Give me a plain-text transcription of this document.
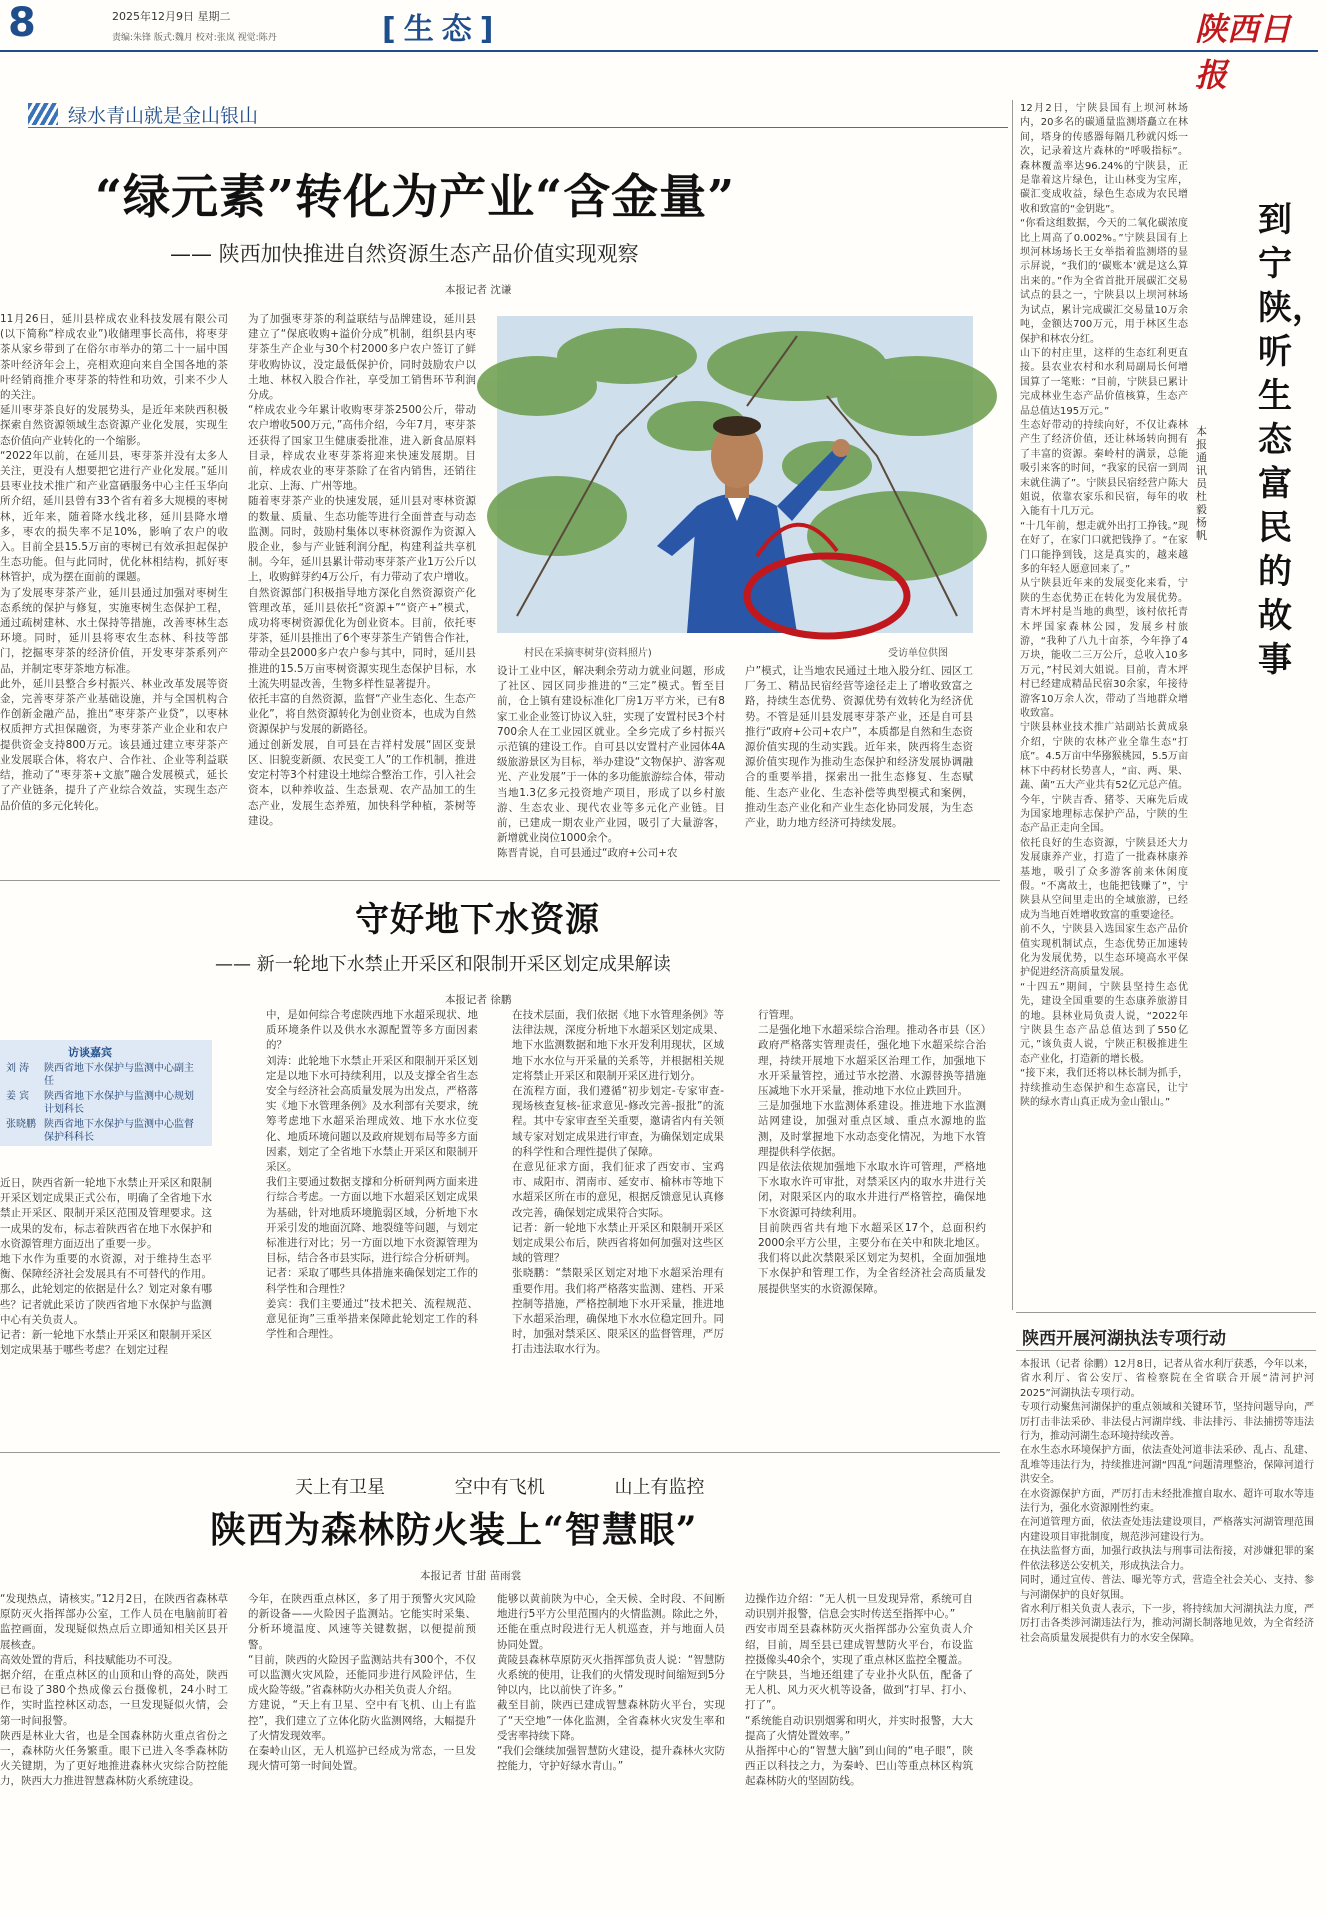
8	2025年12月9日 星期二
责编:朱锋 版式:魏月 校对:张岚 视觉:陈丹	[生态]	陕西日报
绿水青山就是金山银山
“绿元素”转化为产业“含金量”
—— 陕西加快推进自然资源生态产品价值实现观察
本报记者 沈谦
11月26日，延川县梓成农业科技发展有限公司(以下简称“梓成农业”)收储理事长高伟，将枣芽茶从家乡带到了在俗尔市举办的第二十一届中国茶叶经济年会上，亮相欢迎向来自全国各地的茶叶经销商推介枣芽茶的特性和功效，引来不少人的关注。
延川枣芽茶良好的发展势头，是近年来陕西积极探索自然资源领域生态资源产业化发展，实现生态价值向产业转化的一个缩影。
“2022年以前，在延川县，枣芽茶并没有太多人关注，更没有人想要把它进行产业化发展。”延川县枣业技术推广和产业富硒服务中心主任玉华向所介绍，延川县曾有33个省有着多大规模的枣树林，近年来，随着降水线北移，延川县降水增多，枣农的损失率不足10%，影响了农户的收入。目前全县15.5万亩的枣树已有效承担起保护生态功能。但与此同时，优化林相结构，抓好枣林管护，成为摆在面前的课题。
为了发展枣芽茶产业，延川县通过加强对枣树生态系统的保护与修复，实施枣树生态保护工程，通过疏树建林、水土保持等措施，改善枣林生态环境。同时，延川县将枣农生态林、科技等部门，挖掘枣芽茶的经济价值，开发枣芽茶系列产品，并制定枣芽茶地方标准。
此外，延川县整合乡村振兴、林业改革发展等资金，完善枣芽茶产业基础设施，并与全国机构合作创新金融产品，推出“枣芽茶产业贷”，以枣林权质押方式担保融资，为枣芽茶产业企业和农户提供资金支持800万元。该县通过建立枣芽茶产业发展联合体，将农户、合作社、企业等利益联结，推动了“枣芽茶+文旅”融合发展模式，延长了产业链条，提升了产业综合效益，实现生态产品价值的多元化转化。
为了加强枣芽茶的利益联结与品牌建设，延川县建立了“保底收购+溢价分成”机制，组织县内枣芽茶生产企业与30个村2000多户农户签订了鲜芽收购协议，没定最低保护价，同时鼓励农户以土地、林权入股合作社，享受加工销售环节利润分成。
“梓成农业今年累计收购枣芽茶2500公斤，带动农户增收500万元，”高伟介绍，今年7月，枣芽茶还获得了国家卫生健康委批准，进入新食品原料目录，梓成农业枣芽茶将迎来快速发展期。目前，梓成农业的枣芽茶除了在省内销售，还销往北京、上海、广州等地。
随着枣芽茶产业的快速发展，延川县对枣林资源的数量、质量、生态功能等进行全面普查与动态监测。同时，鼓励村集体以枣林资源作为资源入股企业，参与产业链利润分配，构建利益共享机制。今年，延川县累计带动枣芽茶产业1万公斤以上，收购鲜芽约4万公斤，有力带动了农户增收。
自然资源部门积极指导地方深化自然资源资产化管理改革，延川县依托“资源+”“资产+”模式，成功将枣树资源优化为创业资本。目前，依托枣芽茶，延川县推出了6个枣芽茶生产销售合作社，带动全县2000多户农户参与其中，同时，延川县推进的15.5万亩枣树资源实现生态保护目标，水土流失明显改善，生物多样性显著提升。
依托丰富的自然资源，监督“产业生态化、生态产业化”，将自然资源转化为创业资本，也成为自然资源保护与发展的新路径。
通过创新发展，自可县在吉祥村发展“固区变景区、旧貌变新颜、农民变工人”的工作机制，推进安定村等3个村建设土地综合整治工作，引入社会资本，以种养收益、生态景观、农产品加工的生态产业，发展生态养殖，加快科学种植，茶树等建设。
村民在采摘枣树芽(资料照片)	受访单位供图
设计工业中区，解决剩余劳动力就业问题，形成了社区、园区同步推进的“三定”模式。暂至目前，仓上镇有建设标准化厂房1万平方米，已有8家工业企业签订协议入驻，实现了安置村民3个村700余人在工业园区就业。全乡完成了乡村振兴示范镇的建设工作。自可县以安置村产业园体4A级旅游景区为目标，举办建设“文物保护、游客观光、产业发展”于一体的多功能旅游综合体，带动当地1.3亿多元投资地产项目，形成了以乡村旅游、生态农业、现代农业等多元化产业链。目前，已建成一期农业产业园，吸引了大量游客，新增就业岗位1000余个。
陈晋青说，自可县通过“政府+公司+农
户”模式，让当地农民通过土地入股分红、园区工厂务工、精品民宿经营等途径走上了增收致富之路，持续生态优势、资源优势有效转化为经济优势。不管是延川县发展枣芽茶产业，还是自可县推行“政府+公司+农户”，本质都是自然和生态资源价值实现的生动实践。近年来，陕西将生态资源价值实现作为推动生态保护和经济发展协调融合的重要举措，探索出一批生态修复、生态赋能、生态产业化、生态补偿等典型模式和案例，推动生态产业化和产业生态化协同发展，为生态产业，助力地方经济可持续发展。
到宁陕，听生态富民的故事
本报通讯员 杜毅 杨帆
12月2日，宁陕县国有上坝河林场内，20多名的碳通量监测塔矗立在林间，塔身的传感器每隔几秒就闪烁一次，记录着这片森林的“呼吸指标”。森林覆盖率达96.24%的宁陕县，正是靠着这片绿色，让山林变为宝库，碳汇变成收益，绿色生态成为农民增收和致富的“金钥匙”。
“你看这组数据，今天的二氧化碳浓度比上周高了0.002%。”宁陕县国有上坝河林场场长王女举指着监测塔的显示屏说，“我们的‘碳账本’就是这么算出来的。”作为全省首批开展碳汇交易试点的县之一，宁陕县以上坝河林场为试点，累计完成碳汇交易量10万余吨，金额达700万元，用于林区生态保护和林农分红。
山下的村庄里，这样的生态红利更直接。县农业农村和水利局副局长何增国算了一笔账：“目前，宁陕县已累计完成林业生态产品价值核算，生态产品总值达195万元。”
生态好带动的持续向好，不仅让森林产生了经济价值，还让林场转向拥有了丰富的资源。秦岭村的满景，总能吸引来客的时间，“我家的民宿一到周末就住满了”。宁陕县民宿经营户陈大姐说，依靠农家乐和民宿，每年的收入能有十几万元。
“十几年前，想走就外出打工挣钱。”现在好了，在家门口就把钱挣了。“在家门口能挣到钱，这是真实的，越来越多的年轻人愿意回来了。”
从宁陕县近年来的发展变化来看，宁陕的生态优势正在转化为发展优势。青木坪村是当地的典型，该村依托青木坪国家森林公园，发展乡村旅游，“我种了八九十亩茶，今年挣了4万块，能收二三万公斤，总收入10多万元，”村民刘大姐说。目前，青木坪村已经建成精品民宿30余家，年接待游客10万余人次，带动了当地群众增收致富。
宁陕县林业技术推广站副站长黄成泉介绍，宁陕的农林产业全靠生态“打底”。4.5万亩中华猕猴桃园，5.5万亩林下中药材长势喜人，“亩、两、果、蔬、菌”五大产业共有52亿元总产值。今年，宁陕吉香、猪苓、天麻先后成为国家地理标志保护产品，宁陕的生态产品正走向全国。
依托良好的生态资源，宁陕县还大力发展康养产业，打造了一批森林康养基地，吸引了众多游客前来休闲度假。“不离故土，也能把钱赚了”，宁陕县从空间里走出的全域旅游，已经成为当地百姓增收致富的重要途径。
前不久，宁陕县入选国家生态产品价值实现机制试点，生态优势正加速转化为发展优势，以生态环境高水平保护促进经济高质量发展。
“十四五”期间，宁陕县坚持生态优先，建设全国重要的生态康养旅游目的地。县林业局负责人说，“2022年宁陕县生态产品总值达到了550亿元，”该负责人说，宁陕正积极推进生态产业化，打造新的增长极。
“接下来，我们还将以林长制为抓手，持续推动生态保护和生态富民，让宁陕的绿水青山真正成为金山银山。”
守好地下水资源
—— 新一轮地下水禁止开采区和限制开采区划定成果解读
本报记者 徐鹏
访谈嘉宾
刘 涛 陕西省地下水保护与监测中心副主任
姜 宾 陕西省地下水保护与监测中心规划计划科长
张晓鹏 陕西省地下水保护与监测中心监督保护科科长
近日，陕西省新一轮地下水禁止开采区和限制开采区划定成果正式公布，明确了全省地下水禁止开采区、限制开采区范围及管理要求。这一成果的发布，标志着陕西省在地下水保护和水资源管理方面迈出了重要一步。
地下水作为重要的水资源，对于维持生态平衡、保障经济社会发展具有不可替代的作用。那么，此轮划定的依据是什么？划定对象有哪些？记者就此采访了陕西省地下水保护与监测中心有关负责人。
记者：新一轮地下水禁止开采区和限制开采区划定成果基于哪些考虑？在划定过程
中，是如何综合考虑陕西地下水超采现状、地质环境条件以及供水水源配置等多方面因素的？
刘涛：此轮地下水禁止开采区和限制开采区划定是以地下水可持续利用，以及支撑全省生态安全与经济社会高质量发展为出发点，严格落实《地下水管理条例》及水利部有关要求，统筹考虑地下水超采治理成效、地下水水位变化、地质环境问题以及政府规划布局等多方面因素，划定了全省地下水禁止开采区和限制开采区。
我们主要通过数据支撑和分析研判两方面来进行综合考虑。一方面以地下水超采区划定成果为基础，针对地质环境脆弱区域，分析地下水开采引发的地面沉降、地裂缝等问题，与划定标准进行对比；另一方面以地下水资源管理为目标，结合各市县实际，进行综合分析研判。
记者：采取了哪些具体措施来确保划定工作的科学性和合理性？
姜宾：我们主要通过“技术把关、流程规范、意见征询”三重举措来保障此轮划定工作的科学性和合理性。
在技术层面，我们依据《地下水管理条例》等法律法规，深度分析地下水超采区划定成果、地下水监测数据和地下水开发利用现状，区域地下水水位与开采量的关系等，并根据相关规定将禁止开采区和限制开采区进行划分。
在流程方面，我们遵循“初步划定-专家审查-现场核查复核-征求意见-修改完善-报批”的流程。其中专家审查至关重要，邀请省内有关领域专家对划定成果进行审查，为确保划定成果的科学性和合理性提供了保障。
在意见征求方面，我们征求了西安市、宝鸡市、咸阳市、渭南市、延安市、榆林市等地下水超采区所在市的意见，根据反馈意见认真修改完善，确保划定成果符合实际。
记者：新一轮地下水禁止开采区和限制开采区划定成果公布后，陕西省将如何加强对这些区域的管理？
张晓鹏：“禁限采区划定对地下水超采治理有重要作用。我们将严格落实监测、建档、开采控制等措施，严格控制地下水开采量，推进地下水超采治理，确保地下水水位稳定回升。同时，加强对禁采区、限采区的监督管理，严厉打击违法取水行为。
行管理。
二是强化地下水超采综合治理。推动各市县（区）政府严格落实管理责任，强化地下水超采综合治理，持续开展地下水超采区治理工作，加强地下水开采量管控，通过节水挖潜、水源替换等措施压减地下水开采量，推动地下水位止跌回升。
三是加强地下水监测体系建设。推进地下水监测站网建设，加强对重点区域、重点水源地的监测，及时掌握地下水动态变化情况，为地下水管理提供科学依据。
四是依法依规加强地下水取水许可管理，严格地下水取水许可审批，对禁采区内的取水井进行关闭，对限采区内的取水井进行严格管控，确保地下水资源可持续利用。
目前陕西省共有地下水超采区17个，总面积约2000余平方公里，主要分布在关中和陕北地区。我们将以此次禁限采区划定为契机，全面加强地下水保护和管理工作，为全省经济社会高质量发展提供坚实的水资源保障。
天上有卫星	空中有飞机	山上有监控
陕西为森林防火装上“智慧眼”
本报记者 甘甜 苗雨裳
“发现热点，请核实。”12月2日，在陕西省森林草原防灭火指挥部办公室，工作人员在电脑前盯着监控画面，发现疑似热点后立即通知相关区县开展核查。
高效处置的背后，科技赋能功不可没。
据介绍，在重点林区的山顶和山脊的高处，陕西已布设了380个热成像云台摄像机，24小时工作，实时监控林区动态，一旦发现疑似火情，会第一时间报警。
陕西是林业大省，也是全国森林防火重点省份之一，森林防火任务繁重。眼下已进入冬季森林防火关键期，为了更好地推进森林火灾综合防控能力，陕西大力推进智慧森林防火系统建设。
今年，在陕西重点林区，多了用于预警火灾风险的新设备——火险因子监测站。它能实时采集、分析环境温度、风速等关键数据，以便提前预警。
“目前，陕西的火险因子监测站共有300个，不仅可以监测火灾风险，还能同步进行风险评估，生成火险等级。”省森林防火办相关负责人介绍。
方建说，“天上有卫星、空中有飞机、山上有监控”，我们建立了立体化防火监测网络，大幅提升了火情发现效率。
在秦岭山区，无人机巡护已经成为常态，一旦发现火情可第一时间处置。
能够以黄前陕为中心，全天候、全时段、不间断地进行5平方公里范围内的火情监测。除此之外，还能在重点时段进行无人机巡查，并与地面人员协同处置。
黄陵县森林草原防灭火指挥部负责人说：“智慧防火系统的使用，让我们的火情发现时间缩短到5分钟以内，比以前快了许多。”
截至目前，陕西已建成智慧森林防火平台，实现了“天空地”一体化监测，全省森林火灾发生率和受害率持续下降。
“我们会继续加强智慧防火建设，提升森林火灾防控能力，守护好绿水青山。”
边操作边介绍：“无人机一旦发现异常，系统可自动识别并报警，信息会实时传送至指挥中心。”
西安市周至县森林防灭火指挥部办公室负责人介绍，目前，周至县已建成智慧防火平台，布设监控摄像头40余个，实现了重点林区监控全覆盖。
在宁陕县，当地还组建了专业扑火队伍，配备了无人机、风力灭火机等设备，做到“打早、打小、打了”。
“系统能自动识别烟雾和明火，并实时报警，大大提高了火情处置效率。”
从指挥中心的“智慧大脑”到山间的“电子眼”，陕西正以科技之力，为秦岭、巴山等重点林区构筑起森林防火的坚固防线。
陕西开展河湖执法专项行动
本报讯（记者 徐鹏）12月8日，记者从省水利厅获悉，今年以来，省水利厅、省公安厅、省检察院在全省联合开展“清河护河2025”河湖执法专项行动。
专项行动聚焦河湖保护的重点领域和关键环节，坚持问题导向，严厉打击非法采砂、非法侵占河湖岸线、非法排污、非法捕捞等违法行为，推动河湖生态环境持续改善。
在水生态水环境保护方面，依法查处河道非法采砂、乱占、乱建、乱堆等违法行为，持续推进河湖“四乱”问题清理整治，保障河道行洪安全。
在水资源保护方面，严厉打击未经批准擅自取水、超许可取水等违法行为，强化水资源刚性约束。
在河道管理方面，依法查处违法建设项目，严格落实河湖管理范围内建设项目审批制度，规范涉河建设行为。
在执法监督方面，加强行政执法与刑事司法衔接，对涉嫌犯罪的案件依法移送公安机关，形成执法合力。
同时，通过宣传、普法、曝光等方式，营造全社会关心、支持、参与河湖保护的良好氛围。
省水利厅相关负责人表示，下一步，将持续加大河湖执法力度，严厉打击各类涉河湖违法行为，推动河湖长制落地见效，为全省经济社会高质量发展提供有力的水安全保障。
